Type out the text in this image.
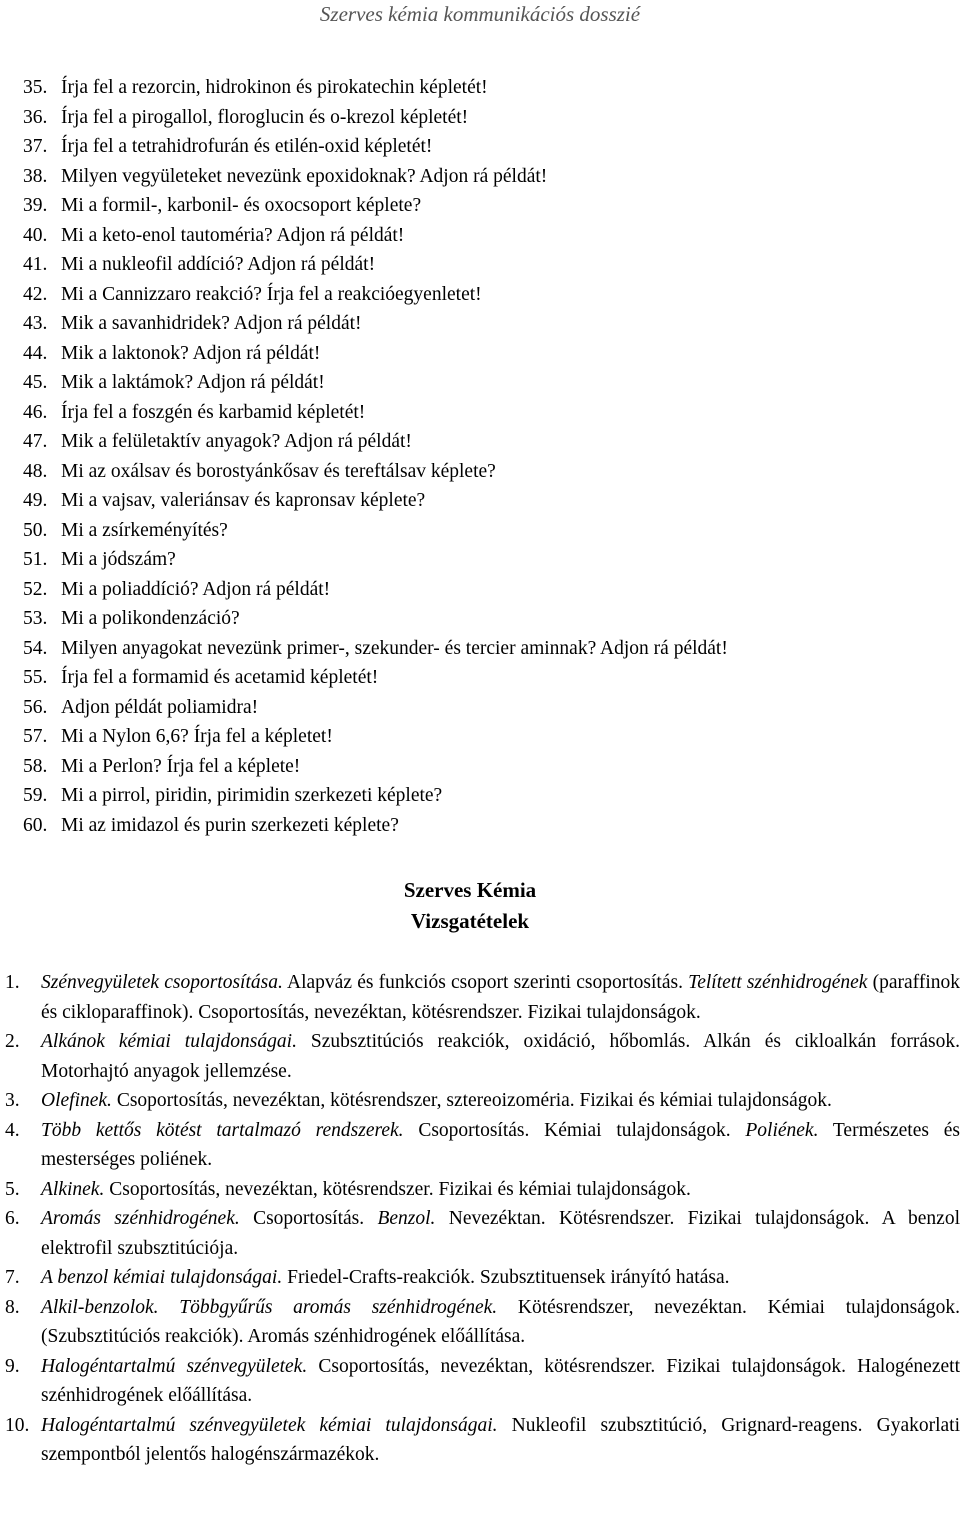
Szerves kémia kommunikációs dosszié
35. Írja fel a rezorcin, hidrokinon és pirokatechin képletét!
36. Írja fel a pirogallol, floroglucin és o-krezol képletét!
37. Írja fel a tetrahidrofurán és etilén-oxid képletét!
38. Milyen vegyületeket nevezünk epoxidoknak? Adjon rá példát!
39. Mi a formil-, karbonil- és oxocsoport képlete?
40. Mi a keto-enol tautoméria? Adjon rá példát!
41. Mi a nukleofil addíció? Adjon rá példát!
42. Mi a Cannizzaro reakció? Írja fel a reakcióegyenletet!
43. Mik a savanhidridek? Adjon rá példát!
44. Mik a laktonok? Adjon rá példát!
45. Mik a laktámok? Adjon rá példát!
46. Írja fel a foszgén és karbamid képletét!
47. Mik a felületaktív anyagok? Adjon rá példát!
48. Mi az oxálsav és borostyánkősav és tereftálsav képlete?
49. Mi a vajsav, valeriánsav és kapronsav képlete?
50. Mi a zsírkeményítés?
51. Mi a jódszám?
52. Mi a poliaddíció? Adjon rá példát!
53. Mi a polikondenzáció?
54. Milyen anyagokat nevezünk primer-, szekunder- és tercier aminnak? Adjon rá példát!
55. Írja fel a formamid és acetamid képletét!
56. Adjon példát poliamidra!
57. Mi a Nylon 6,6? Írja fel a képletet!
58. Mi a Perlon? Írja fel a képlete!
59. Mi a pirrol, piridin, pirimidin szerkezeti képlete?
60. Mi az imidazol és purin szerkezeti képlete?
Szerves Kémia
Vizsgatételek
1. Szénvegyületek csoportosítása. Alapváz és funkciós csoport szerinti csoportosítás. Telített szénhidrogének (paraffinok és cikloparaffinok). Csoportosítás, nevezéktan, kötésrendszer. Fizikai tulajdonságok.
2. Alkánok kémiai tulajdonságai. Szubsztitúciós reakciók, oxidáció, hőbomlás. Alkán és cikloalkán források. Motorhajtó anyagok jellemzése.
3. Olefinek. Csoportosítás, nevezéktan, kötésrendszer, sztereoizoméria. Fizikai és kémiai tulajdonságok.
4. Több kettős kötést tartalmazó rendszerek. Csoportosítás. Kémiai tulajdonságok. Poliének. Természetes és mesterséges poliének.
5. Alkinek. Csoportosítás, nevezéktan, kötésrendszer. Fizikai és kémiai tulajdonságok.
6. Aromás szénhidrogének. Csoportosítás. Benzol. Nevezéktan. Kötésrendszer. Fizikai tulajdonságok. A benzol elektrofil szubsztitúciója.
7. A benzol kémiai tulajdonságai. Friedel-Crafts-reakciók. Szubsztituensek irányító hatása.
8. Alkil-benzolok. Többgyűrűs aromás szénhidrogének. Kötésrendszer, nevezéktan. Kémiai tulajdonságok. (Szubsztitúciós reakciók). Aromás szénhidrogének előállítása.
9. Halogéntartalmú szénvegyületek. Csoportosítás, nevezéktan, kötésrendszer. Fizikai tulajdonságok. Halogénezett szénhidrogének előállítása.
10. Halogéntartalmú szénvegyületek kémiai tulajdonságai. Nukleofil szubsztitúció, Grignard-reagens. Gyakorlati szempontból jelentős halogénszármazékok.
